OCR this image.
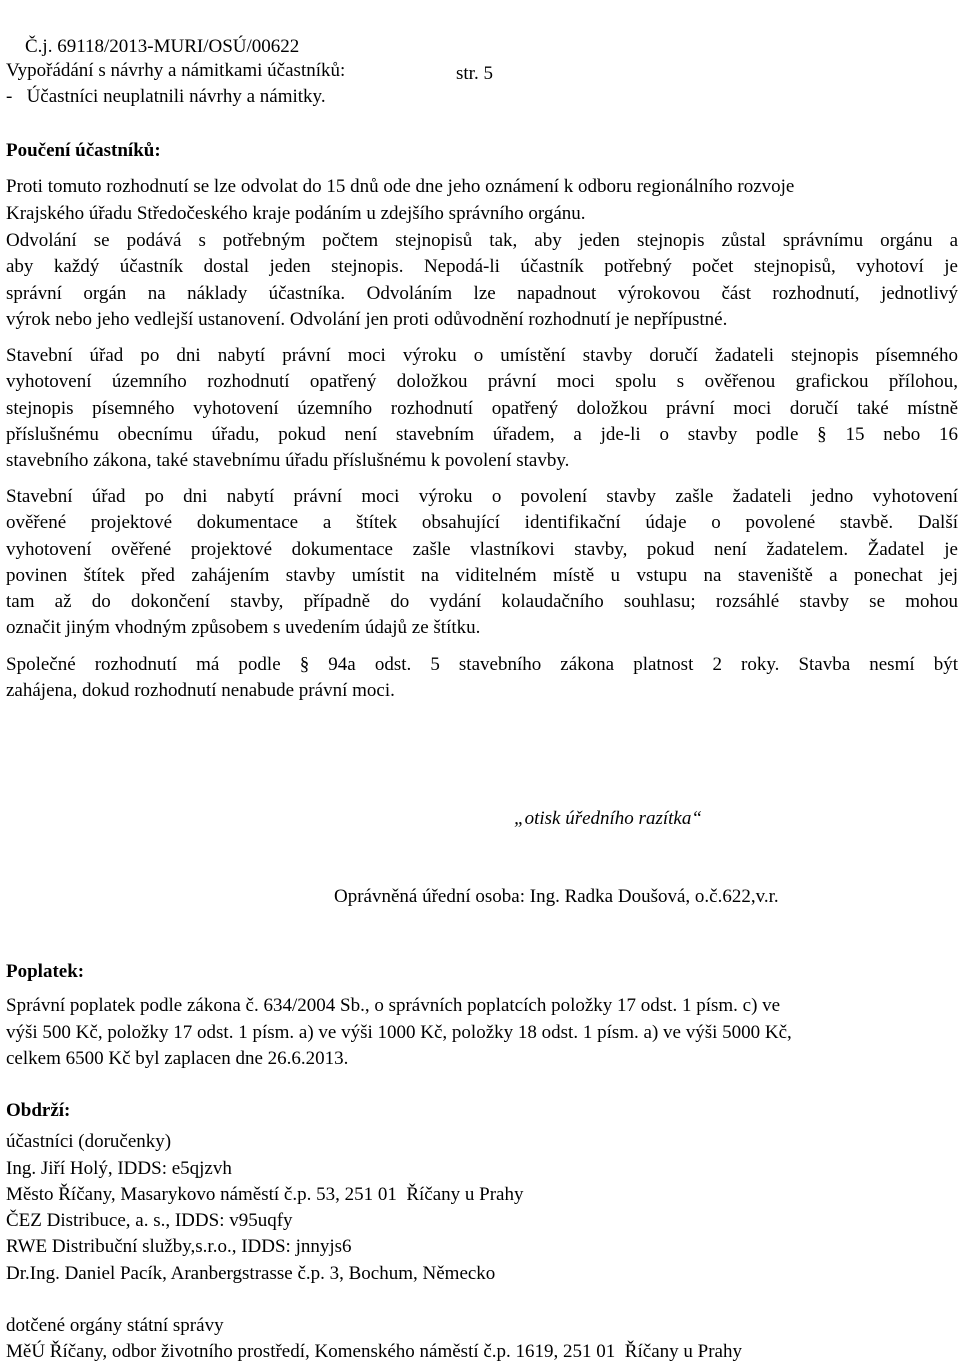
Č.j. 69118/2013-MURI/OSÚ/00622

str. 5

Vypořádání s návrhy a námitkami účastníků:
-   Účastníci neuplatnili návrhy a námitky.
Poučení účastníků:
Proti tomuto rozhodnutí se lze odvolat do 15 dnů ode dne jeho oznámení k odboru regionálního rozvoje
Krajského úřadu Středočeského kraje podáním u zdejšího správního orgánu.
Odvolání se podává s potřebným počtem stejnopisů tak, aby jeden stejnopis zůstal správnímu orgánu a
aby každý účastník dostal jeden stejnopis. Nepodá-li účastník potřebný počet stejnopisů, vyhotoví je
správní orgán na náklady účastníka. Odvoláním lze napadnout výrokovou část rozhodnutí, jednotlivý
výrok nebo jeho vedlejší ustanovení. Odvolání jen proti odůvodnění rozhodnutí je nepřípustné.
Stavební úřad po dni nabytí právní moci výroku o umístění stavby doručí žadateli stejnopis písemného
vyhotovení územního rozhodnutí opatřený doložkou právní moci spolu s ověřenou grafickou přílohou,
stejnopis písemného vyhotovení územního rozhodnutí opatřený doložkou právní moci doručí také místně
příslušnému obecnímu úřadu, pokud není stavebním úřadem, a jde-li o stavby podle § 15 nebo 16
stavebního zákona, také stavebnímu úřadu příslušnému k povolení stavby.
Stavební úřad po dni nabytí právní moci výroku o povolení stavby zašle žadateli jedno vyhotovení
ověřené projektové dokumentace a štítek obsahující identifikační údaje o povolené stavbě. Další
vyhotovení ověřené projektové dokumentace zašle vlastníkovi stavby, pokud není žadatelem. Žadatel je
povinen štítek před zahájením stavby umístit na viditelném místě u vstupu na staveniště a ponechat jej
tam až do dokončení stavby, případně do vydání kolaudačního souhlasu; rozsáhlé stavby se mohou
označit jiným vhodným způsobem s uvedením údajů ze štítku.
Společné rozhodnutí má podle § 94a odst. 5 stavebního zákona platnost 2 roky. Stavba nesmí být
zahájena, dokud rozhodnutí nenabude právní moci.
„otisk úředního razítka“
Oprávněná úřední osoba: Ing. Radka Doušová, o.č.622,v.r.
Poplatek:
Správní poplatek podle zákona č. 634/2004 Sb., o správních poplatcích položky 17 odst. 1 písm. c) ve
výši 500 Kč, položky 17 odst. 1 písm. a) ve výši 1000 Kč, položky 18 odst. 1 písm. a) ve výši 5000 Kč,
celkem 6500 Kč byl zaplacen dne 26.6.2013.
Obdrží:
účastníci (doručenky)
Ing. Jiří Holý, IDDS: e5qjzvh
Město Říčany, Masarykovo náměstí č.p. 53, 251 01  Říčany u Prahy
ČEZ Distribuce, a. s., IDDS: v95uqfy
RWE Distribuční služby,s.r.o., IDDS: jnnyjs6
Dr.Ing. Daniel Pacík, Aranbergstrasse č.p. 3, Bochum, Německo
dotčené orgány státní správy
MěÚ Říčany, odbor životního prostředí, Komenského náměstí č.p. 1619, 251 01  Říčany u Prahy
